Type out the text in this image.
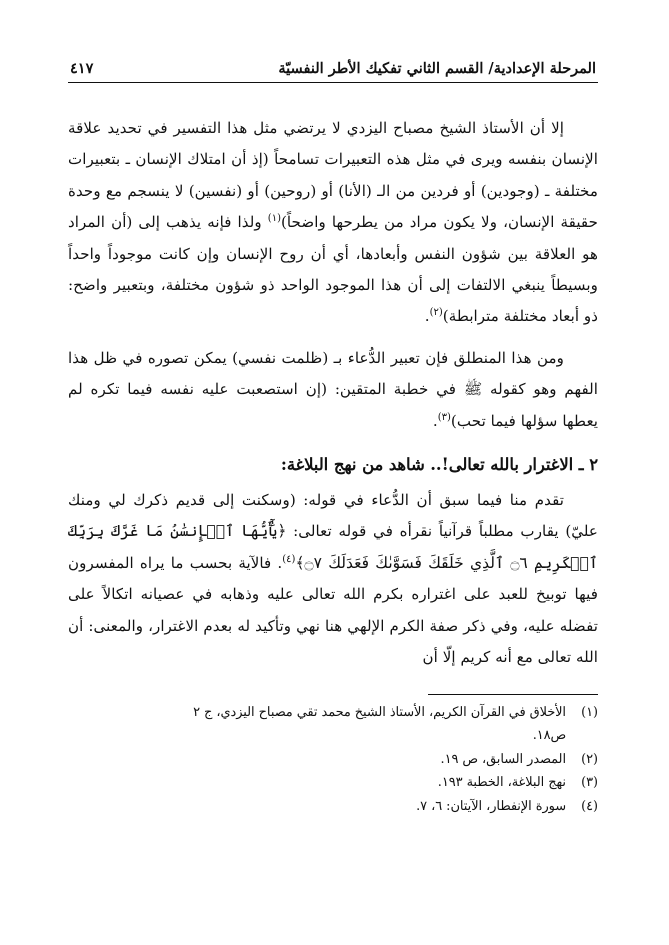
المرحلة الإعدادية/ القسم الثاني تفكيك الأطر النفسيّة
٤١٧

إلا أن الأستاذ الشيخ مصباح اليزدي لا يرتضي مثل هذا التفسير في تحديد علاقة الإنسان بنفسه ويرى في مثل هذه التعبيرات تسامحاً (إذ أن امتلاك الإنسان ـ بتعبيرات مختلفة ـ (وجودين) أو فردين من الـ (الأنا) أو (روحين) أو (نفسين) لا ينسجم مع وحدة حقيقة الإنسان، ولا يكون مراد من يطرحها واضحاً)$^{(١)}$ ولذا فإنه يذهب إلى (أن المراد هو العلاقة بين شؤون النفس وأبعادها، أي أن روح الإنسان وإن كانت موجوداً واحداً وبسيطاً ينبغي الالتفات إلى أن هذا الموجود الواحد ذو شؤون مختلفة، وبتعبير واضح: ذو أبعاد مختلفة مترابطة)$^{(٢)}$.

ومن هذا المنطلق فإن تعبير الدُّعاء بـ (ظلمت نفسي) يمكن تصوره في ظل هذا الفهم وهو كقوله ﷺ في خطبة المتقين: (إن استصعبت عليه نفسه فيما تكره لم يعطها سؤلها فيما تحب)$^{(٣)}$.

٢ ـ الاغترار بالله تعالى!.. شاهد من نهج البلاغة:

تقدم منا فيما سبق أن الدُّعاء في قوله: (وسكنت إلى قديم ذكرك لي ومنك عليّ) يقارب مطلباً قرآنياً نقرأه في قوله تعالى: ﴿يَٰٓأَيُّهَا ٱلۡإِنسَٰنُ مَا غَرَّكَ بِرَبِّكَ ٱلۡكَرِيمِ ۝٦ ٱلَّذِي خَلَقَكَ فَسَوَّىٰكَ فَعَدَلَكَ ۝٧﴾$^{(٤)}$. فالآية بحسب ما يراه المفسرون فيها توبيخ للعبد على اغتراره بكرم الله تعالى عليه وذهابه في عصيانه اتكالاً على تفضله عليه، وفي ذكر صفة الكرم الإلهي هنا نهي وتأكيد له بعدم الاغترار، والمعنى: أن الله تعالى مع أنه كريم إلّا أن

(١)
الأخلاق في القرآن الكريم، الأستاذ الشيخ محمد تقي مصباح اليزدي، ج ٢
ص١٨.
(٢)
المصدر السابق، ص ١٩.
(٣)
نهج البلاغة، الخطبة ١٩٣.
(٤)
سورة الإنفطار، الآيتان: ٦، ٧.
